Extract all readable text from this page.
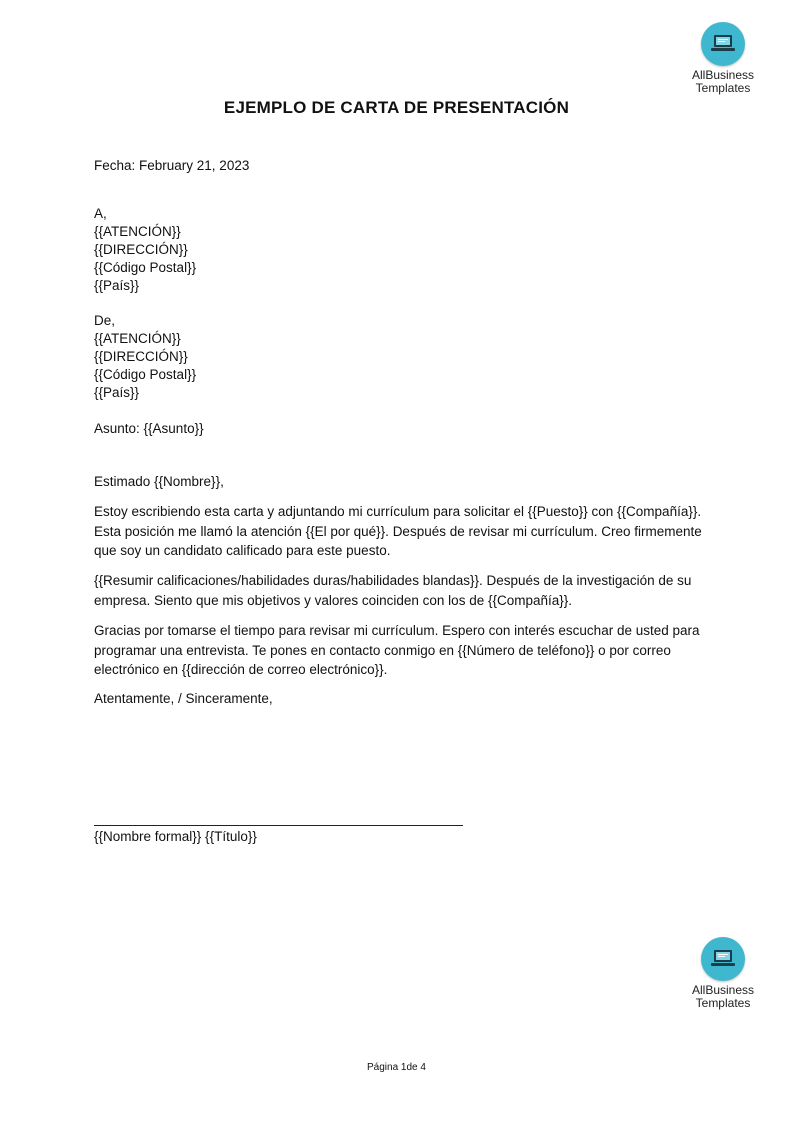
AllBusiness
Templates
EJEMPLO DE CARTA DE PRESENTACIÓN
Fecha: February 21, 2023
A,
{{ATENCIÓN}}
{{DIRECCIÓN}}
{{Código Postal}}
{{País}}
De,
{{ATENCIÓN}}
{{DIRECCIÓN}}
{{Código Postal}}
{{País}}
Asunto: {{Asunto}}
Estimado {{Nombre}},
Estoy escribiendo esta carta y adjuntando mi currículum para solicitar el {{Puesto}} con {{Compañía}}. Esta posición me llamó la atención {{El por qué}}. Después de revisar mi currículum. Creo firmemente que soy un candidato calificado para este puesto.
{{Resumir calificaciones/habilidades duras/habilidades blandas}}. Después de la investigación de su empresa. Siento que mis objetivos y valores coinciden con los de {{Compañía}}.
Gracias por tomarse el tiempo para revisar mi currículum. Espero con interés escuchar de usted para programar una entrevista. Te pones en contacto conmigo en {{Número de teléfono}} o por correo electrónico en {{dirección de correo electrónico}}.
Atentamente, / Sinceramente,
{{Nombre formal}} {{Título}}
AllBusiness
Templates
Página 1de 4
